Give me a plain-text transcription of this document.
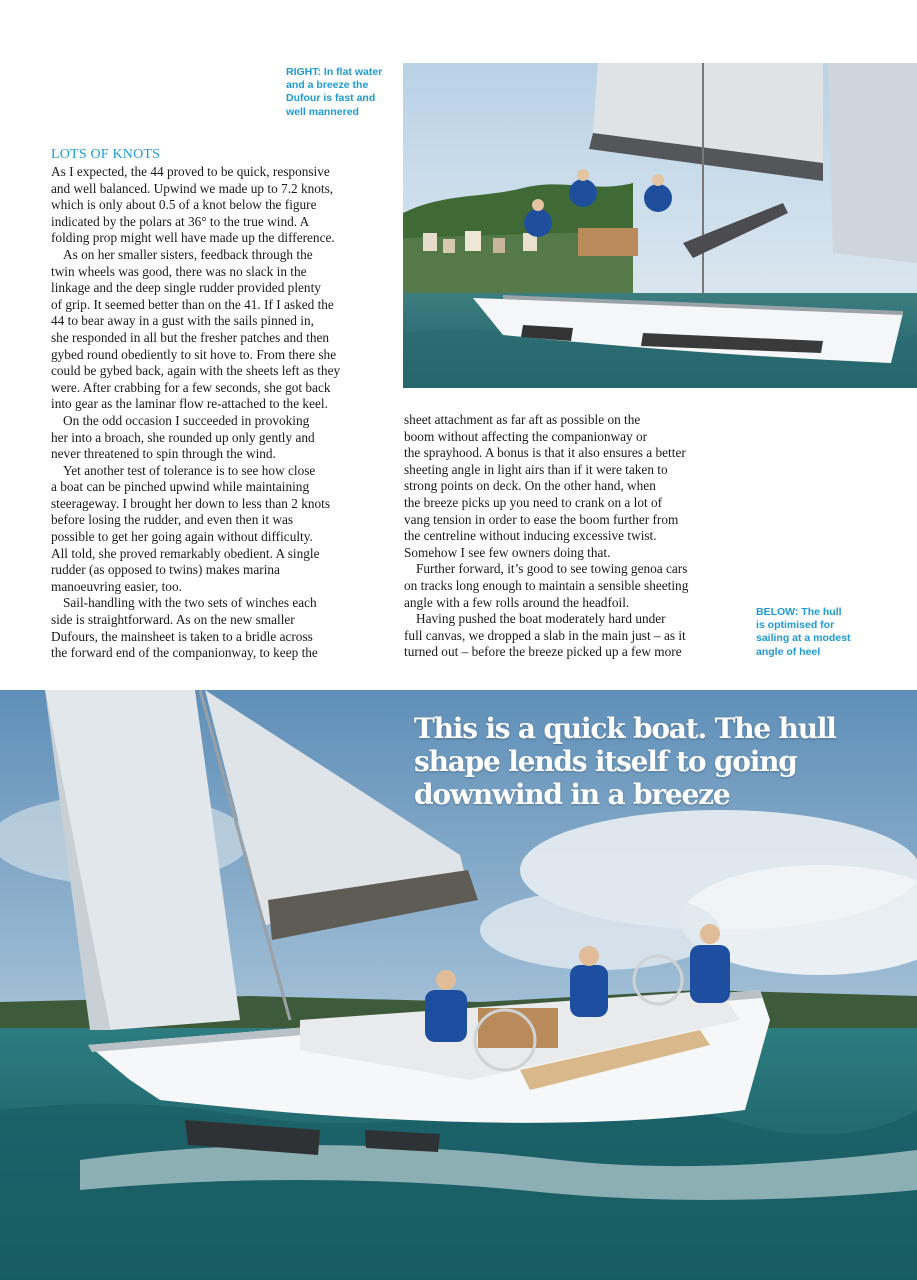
RIGHT: In flat water
and a breeze the
Dufour is fast and
well mannered

BELOW: The hull
is optimised for
sailing at a modest
angle of heel

LOTS OF KNOTS
As I expected, the 44 proved to be quick, responsive
and well balanced. Upwind we made up to 7.2 knots,
which is only about 0.5 of a knot below the figure
indicated by the polars at 36° to the true wind. A
folding prop might well have made up the difference.
As on her smaller sisters, feedback through the
twin wheels was good, there was no slack in the
linkage and the deep single rudder provided plenty
of grip. It seemed better than on the 41. If I asked the
44 to bear away in a gust with the sails pinned in,
she responded in all but the fresher patches and then
gybed round obediently to sit hove to. From there she
could be gybed back, again with the sheets left as they
were. After crabbing for a few seconds, she got back
into gear as the laminar flow re-attached to the keel.
On the odd occasion I succeeded in provoking
her into a broach, she rounded up only gently and
never threatened to spin through the wind.
Yet another test of tolerance is to see how close
a boat can be pinched upwind while maintaining
steerageway. I brought her down to less than 2 knots
before losing the rudder, and even then it was
possible to get her going again without difficulty.
All told, she proved remarkably obedient. A single
rudder (as opposed to twins) makes marina
manoeuvring easier, too.
Sail-handling with the two sets of winches each
side is straightforward. As on the new smaller
Dufours, the mainsheet is taken to a bridle across
the forward end of the companionway, to keep the
sheet attachment as far aft as possible on the
boom without affecting the companionway or
the sprayhood. A bonus is that it also ensures a better
sheeting angle in light airs than if it were taken to
strong points on deck. On the other hand, when
the breeze picks up you need to crank on a lot of
vang tension in order to ease the boom further from
the centreline without inducing excessive twist.
Somehow I see few owners doing that.
Further forward, it’s good to see towing genoa cars
on tracks long enough to maintain a sensible sheeting
angle with a few rolls around the headfoil.
Having pushed the boat moderately hard under
full canvas, we dropped a slab in the main just – as it
turned out – before the breeze picked up a few more

This is a quick boat. The hull
shape lends itself to going
downwind in a breeze
